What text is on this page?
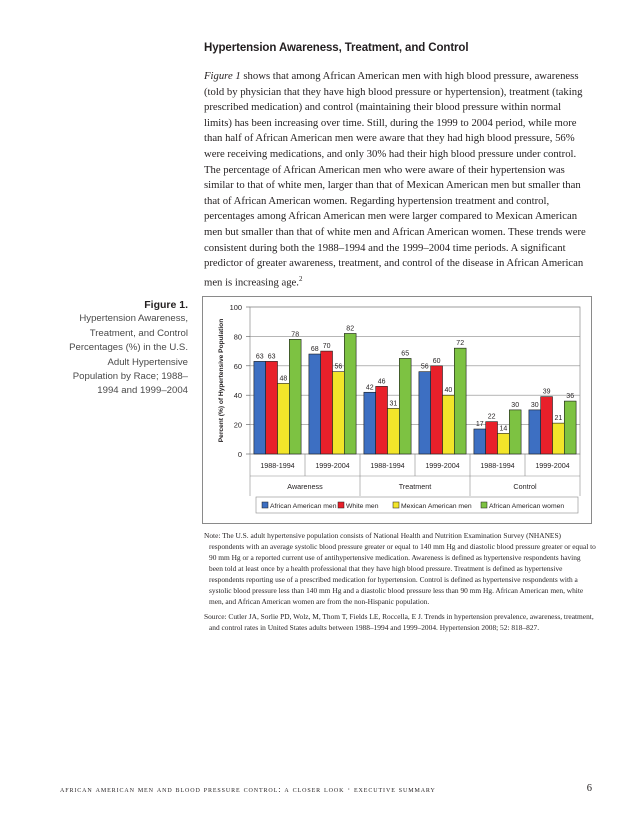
Hypertension Awareness, Treatment, and Control

Figure 1 shows that among African American men with high blood pressure, awareness (told by physician that they have high blood pressure or hypertension), treatment (taking prescribed medication) and control (maintaining their blood pressure within normal limits) has been increasing over time. Still, during the 1999 to 2004 period, while more than half of African American men were aware that they had high blood pressure, 56% were receiving medications, and only 30% had their high blood pressure under control. The percentage of African American men who were aware of their hypertension was similar to that of white men, larger than that of Mexican American men but smaller than that of African American women. Regarding hypertension treatment and control, percentages among African American men were larger compared to Mexican American men but smaller than that of white men and African American women. These trends were consistent during both the 1988–1994 and the 1999–2004 time periods. A significant predictor of greater awareness, treatment, and control of the disease in African American men is increasing age.$^2$

Figure 1.
Hypertension Awareness, Treatment, and Control Percentages (%) in the U.S. Adult Hypertensive Population by Race; 1988–1994 and 1999–2004
0
20
40
60
80
100
Percent (%) of Hypertensive Population	63 63
48
78
1988-1994
68 70
56
82
1999-2004
42
46
31
65
1988-1994
56
60
40
72
1999-2004
17
22
14
30
1988-1994
30
39
21
36
1999-2004
Awareness	Treatment	Control
African American men White men	Mexican American men	African American women

Note: The U.S. adult hypertensive population consists of National Health and Nutrition Examination Survey (NHANES) respondents with an average systolic blood pressure greater or equal to 140 mm Hg and diastolic blood pressure greater or equal to 90 mm Hg or a reported current use of antihypertensive medication. Awareness is defined as hypertensive respondents having been told at least once by a health professional that they have high blood pressure. Treatment is defined as hypertensive respondents reporting use of a prescribed medication for hypertension. Control is defined as hypertensive respondents with a systolic blood pressure less than 140 mm Hg and a diastolic blood pressure less than 90 mm Hg. African American men, white men, and African American women are from the non-Hispanic population.

Source: Cutler JA, Sorlie PD, Wolz, M, Thom T, Fields LE, Roccella, E J. Trends in hypertension prevalence, awareness, treatment, and control rates in United States adults between 1988–1994 and 1999–2004. Hypertension 2008; 52: 818–827.

african american men and blood pressure control: a closer look · executive summary	6
